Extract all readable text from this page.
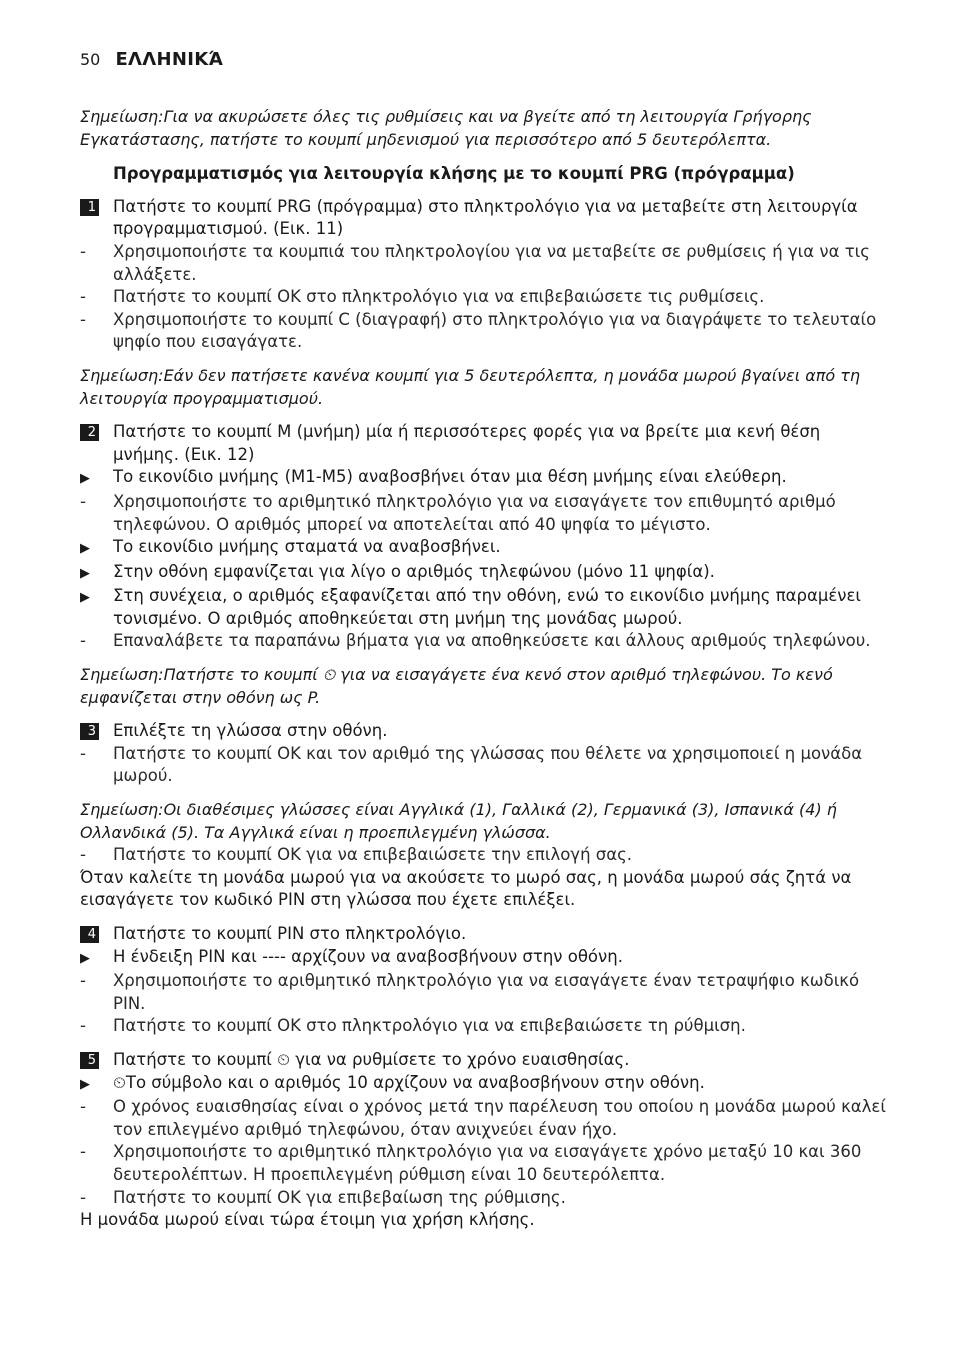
50 ΕΛΛΗΝΙΚΆ

Σημείωση:Για να ακυρώσετε όλες τις ρυθμίσεις και να βγείτε από τη λειτουργία Γρήγορης Εγκατάστασης, πατήστε το κουμπί μηδενισμού για περισσότερο από 5 δευτερόλεπτα.

Προγραμματισμός για λειτουργία κλήσης με το κουμπί PRG (πρόγραμμα)

1 Πατήστε το κουμπί PRG (πρόγραμμα) στο πληκτρολόγιο για να μεταβείτε στη λειτουργία προγραμματισμού. (Εικ. 11)
-	Χρησιμοποιήστε τα κουμπιά του πληκτρολογίου για να μεταβείτε σε ρυθμίσεις ή για να τις αλλάξετε.
-	Πατήστε το κουμπί OK στο πληκτρολόγιο για να επιβεβαιώσετε τις ρυθμίσεις.
-	Χρησιμοποιήστε το κουμπί C (διαγραφή) στο πληκτρολόγιο για να διαγράψετε το τελευταίο ψηφίο που εισαγάγατε.

Σημείωση:Εάν δεν πατήσετε κανένα κουμπί για 5 δευτερόλεπτα, η μονάδα μωρού βγαίνει από τη λειτουργία προγραμματισμού.

2 Πατήστε το κουμπί M (μνήμη) μία ή περισσότερες φορές για να βρείτε μια κενή θέση μνήμης. (Εικ. 12)
▶	Το εικονίδιο μνήμης (M1-M5) αναβοσβήνει όταν μια θέση μνήμης είναι ελεύθερη.
-	Χρησιμοποιήστε το αριθμητικό πληκτρολόγιο για να εισαγάγετε τον επιθυμητό αριθμό τηλεφώνου. Ο αριθμός μπορεί να αποτελείται από 40 ψηφία το μέγιστο.
▶	Το εικονίδιο μνήμης σταματά να αναβοσβήνει.
▶	Στην οθόνη εμφανίζεται για λίγο ο αριθμός τηλεφώνου (μόνο 11 ψηφία).
▶	Στη συνέχεια, ο αριθμός εξαφανίζεται από την οθόνη, ενώ το εικονίδιο μνήμης παραμένει τονισμένο. Ο αριθμός αποθηκεύεται στη μνήμη της μονάδας μωρού.
-	Επαναλάβετε τα παραπάνω βήματα για να αποθηκεύσετε και άλλους αριθμούς τηλεφώνου.

Σημείωση:Πατήστε το κουμπί ⏲ για να εισαγάγετε ένα κενό στον αριθμό τηλεφώνου. Το κενό εμφανίζεται στην οθόνη ως P.

3 Επιλέξτε τη γλώσσα στην οθόνη.
-	Πατήστε το κουμπί OK και τον αριθμό της γλώσσας που θέλετε να χρησιμοποιεί η μονάδα μωρού.

Σημείωση:Οι διαθέσιμες γλώσσες είναι Αγγλικά (1), Γαλλικά (2), Γερμανικά (3), Ισπανικά (4) ή Ολλανδικά (5). Τα Αγγλικά είναι η προεπιλεγμένη γλώσσα.

-	Πατήστε το κουμπί OK για να επιβεβαιώσετε την επιλογή σας.

Όταν καλείτε τη μονάδα μωρού για να ακούσετε το μωρό σας, η μονάδα μωρού σάς ζητά να εισαγάγετε τον κωδικό PIN στη γλώσσα που έχετε επιλέξει.

4 Πατήστε το κουμπί PIN στο πληκτρολόγιο.
▶	Η ένδειξη PIN και ---- αρχίζουν να αναβοσβήνουν στην οθόνη.
-	Χρησιμοποιήστε το αριθμητικό πληκτρολόγιο για να εισαγάγετε έναν τετραψήφιο κωδικό PIN.
-	Πατήστε το κουμπί OK στο πληκτρολόγιο για να επιβεβαιώσετε τη ρύθμιση.
5 Πατήστε το κουμπί ⏲ για να ρυθμίσετε το χρόνο ευαισθησίας.
▶	⏲Το σύμβολο και ο αριθμός 10 αρχίζουν να αναβοσβήνουν στην οθόνη.
-	Ο χρόνος ευαισθησίας είναι ο χρόνος μετά την παρέλευση του οποίου η μονάδα μωρού καλεί τον επιλεγμένο αριθμό τηλεφώνου, όταν ανιχνεύει έναν ήχο.
-	Χρησιμοποιήστε το αριθμητικό πληκτρολόγιο για να εισαγάγετε χρόνο μεταξύ 10 και 360 δευτερολέπτων. Η προεπιλεγμένη ρύθμιση είναι 10 δευτερόλεπτα.
-	Πατήστε το κουμπί OK για επιβεβαίωση της ρύθμισης.

Η μονάδα μωρού είναι τώρα έτοιμη για χρήση κλήσης.
